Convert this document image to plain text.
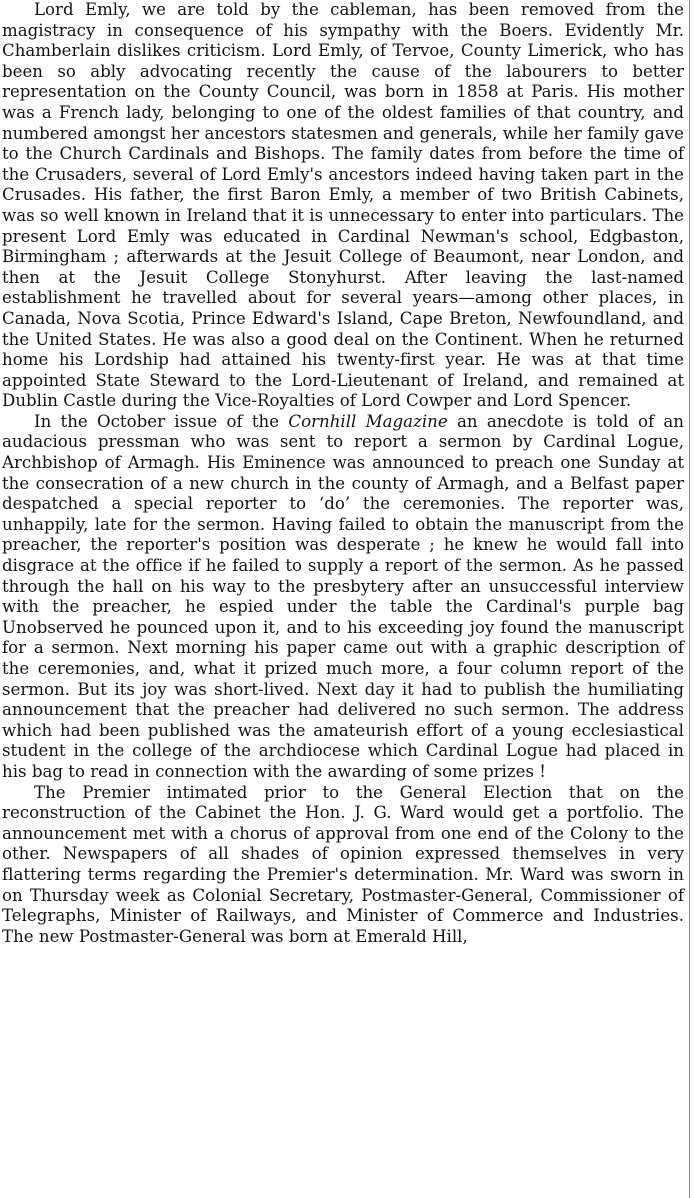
Lord Emly, we are told by the cableman, has been removed from the magistracy in consequence of his sympathy with the Boers. Evidently Mr. Chamberlain dislikes criticism. Lord Emly, of Tervoe, County Limerick, who has been so ably advocating recently the cause of the labourers to better representation on the County Council, was born in 1858 at Paris. His mother was a French lady, belonging to one of the oldest families of that country, and numbered amongst her ancestors statesmen and generals, while her family gave to the Church Cardinals and Bishops. The family dates from before the time of the Crusaders, several of Lord Emly's ancestors indeed having taken part in the Crusades. His father, the first Baron Emly, a member of two British Cabinets, was so well known in Ireland that it is unnecessary to enter into particulars. The present Lord Emly was educated in Cardinal Newman's school, Edgbaston, Birmingham ; afterwards at the Jesuit College of Beaumont, near London, and then at the Jesuit College Stonyhurst. After leaving the last-named establishment he travelled about for several years—among other places, in Canada, Nova Scotia, Prince Edward's Island, Cape Breton, Newfoundland, and the United States. He was also a good deal on the Continent. When he returned home his Lordship had attained his twenty-first year. He was at that time appointed State Steward to the Lord-Lieutenant of Ireland, and remained at Dublin Castle during the Vice-Royalties of Lord Cowper and Lord Spencer.

In the October issue of the Cornhill Magazine an anecdote is told of an audacious pressman who was sent to report a sermon by Cardinal Logue, Archbishop of Armagh. His Eminence was announced to preach one Sunday at the consecration of a new church in the county of Armagh, and a Belfast paper despatched a special reporter to ‘do’ the ceremonies. The reporter was, unhappily, late for the sermon. Having failed to obtain the manuscript from the preacher, the reporter's position was desperate ; he knew he would fall into disgrace at the office if he failed to supply a report of the sermon. As he passed through the hall on his way to the presbytery after an unsuccessful interview with the preacher, he espied under the table the Cardinal's purple bag Unobserved he pounced upon it, and to his exceeding joy found the manuscript for a sermon. Next morning his paper came out with a graphic description of the ceremonies, and, what it prized much more, a four column report of the sermon. But its joy was short-lived. Next day it had to publish the humiliating announcement that the preacher had delivered no such sermon. The address which had been published was the amateurish effort of a young ecclesiastical student in the college of the archdiocese which Cardinal Logue had placed in his bag to read in connection with the awarding of some prizes !

The Premier intimated prior to the General Election that on the reconstruction of the Cabinet the Hon. J. G. Ward would get a portfolio. The announcement met with a chorus of approval from one end of the Colony to the other. Newspapers of all shades of opinion expressed themselves in very flattering terms regarding the Premier's determination. Mr. Ward was sworn in on Thursday week as Colonial Secretary, Postmaster-General, Commissioner of Telegraphs, Minister of Railways, and Minister of Commerce and Industries. The new Postmaster-General was born at Emerald Hill,
